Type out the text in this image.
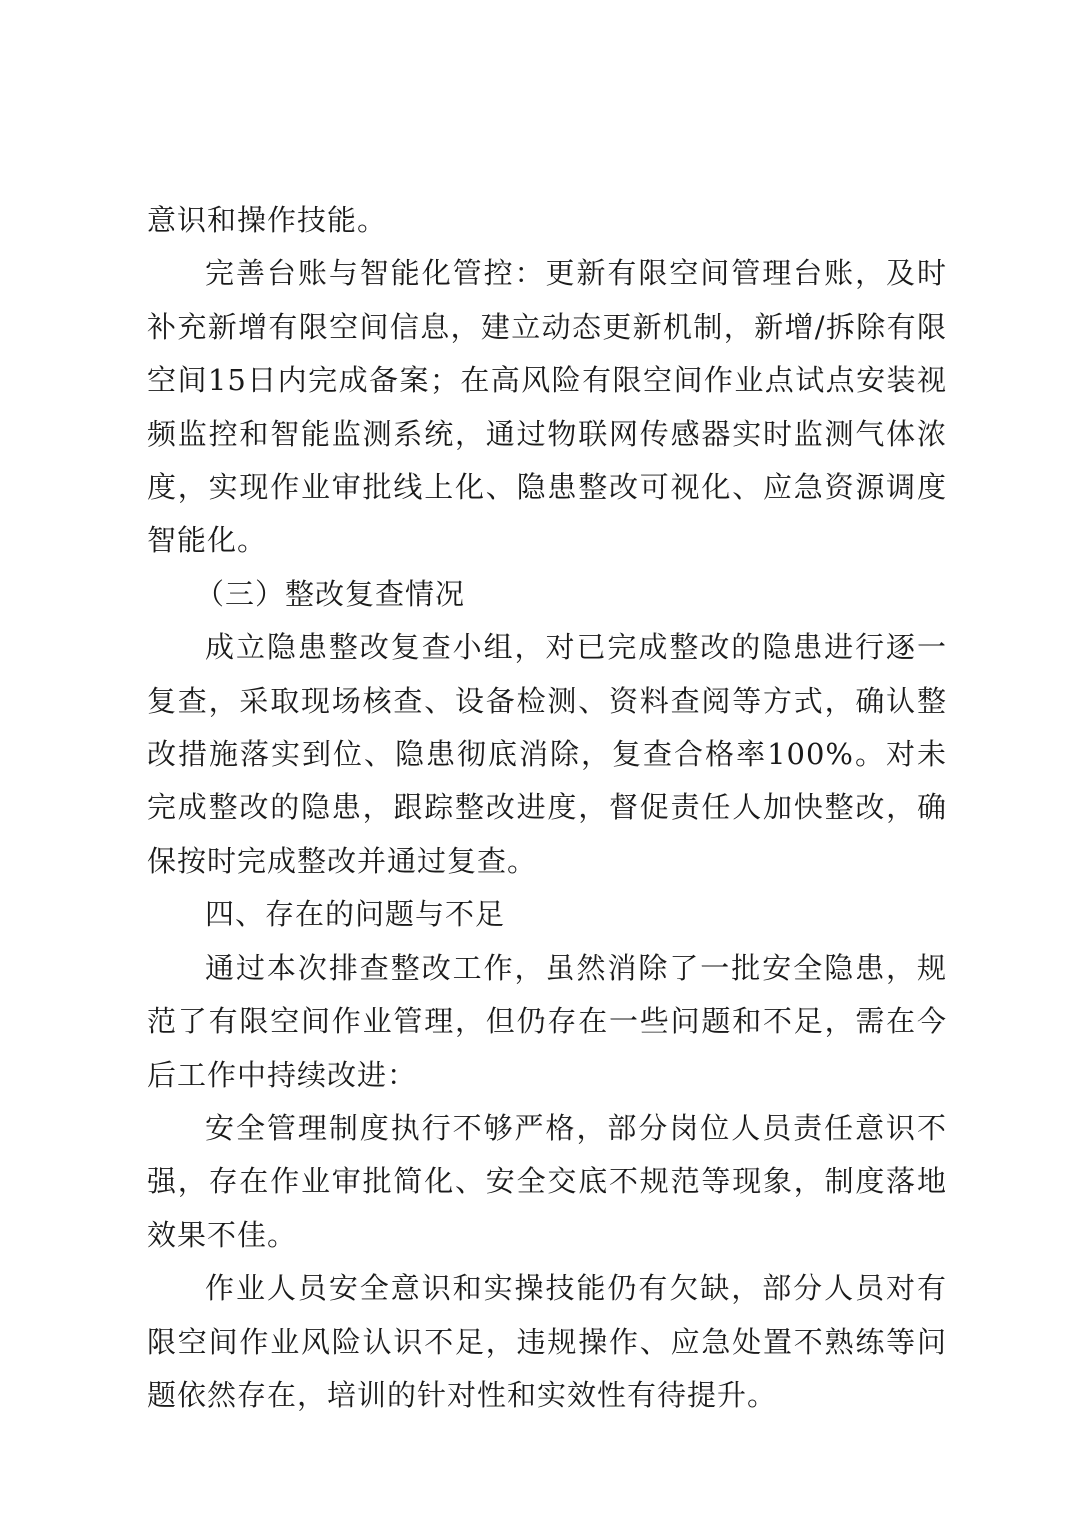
意识和操作技能。

完善台账与智能化管控：更新有限空间管理台账，及时补充新增有限空间信息，建立动态更新机制，新增/拆除有限空间15日内完成备案；在高风险有限空间作业点试点安装视频监控和智能监测系统，通过物联网传感器实时监测气体浓度，实现作业审批线上化、隐患整改可视化、应急资源调度智能化。

（三）整改复查情况

成立隐患整改复查小组，对已完成整改的隐患进行逐一复查，采取现场核查、设备检测、资料查阅等方式，确认整改措施落实到位、隐患彻底消除，复查合格率100%。对未完成整改的隐患，跟踪整改进度，督促责任人加快整改，确保按时完成整改并通过复查。

四、存在的问题与不足

通过本次排查整改工作，虽然消除了一批安全隐患，规范了有限空间作业管理，但仍存在一些问题和不足，需在今后工作中持续改进：

安全管理制度执行不够严格，部分岗位人员责任意识不强，存在作业审批简化、安全交底不规范等现象，制度落地效果不佳。

作业人员安全意识和实操技能仍有欠缺，部分人员对有限空间作业风险认识不足，违规操作、应急处置不熟练等问题依然存在，培训的针对性和实效性有待提升。
